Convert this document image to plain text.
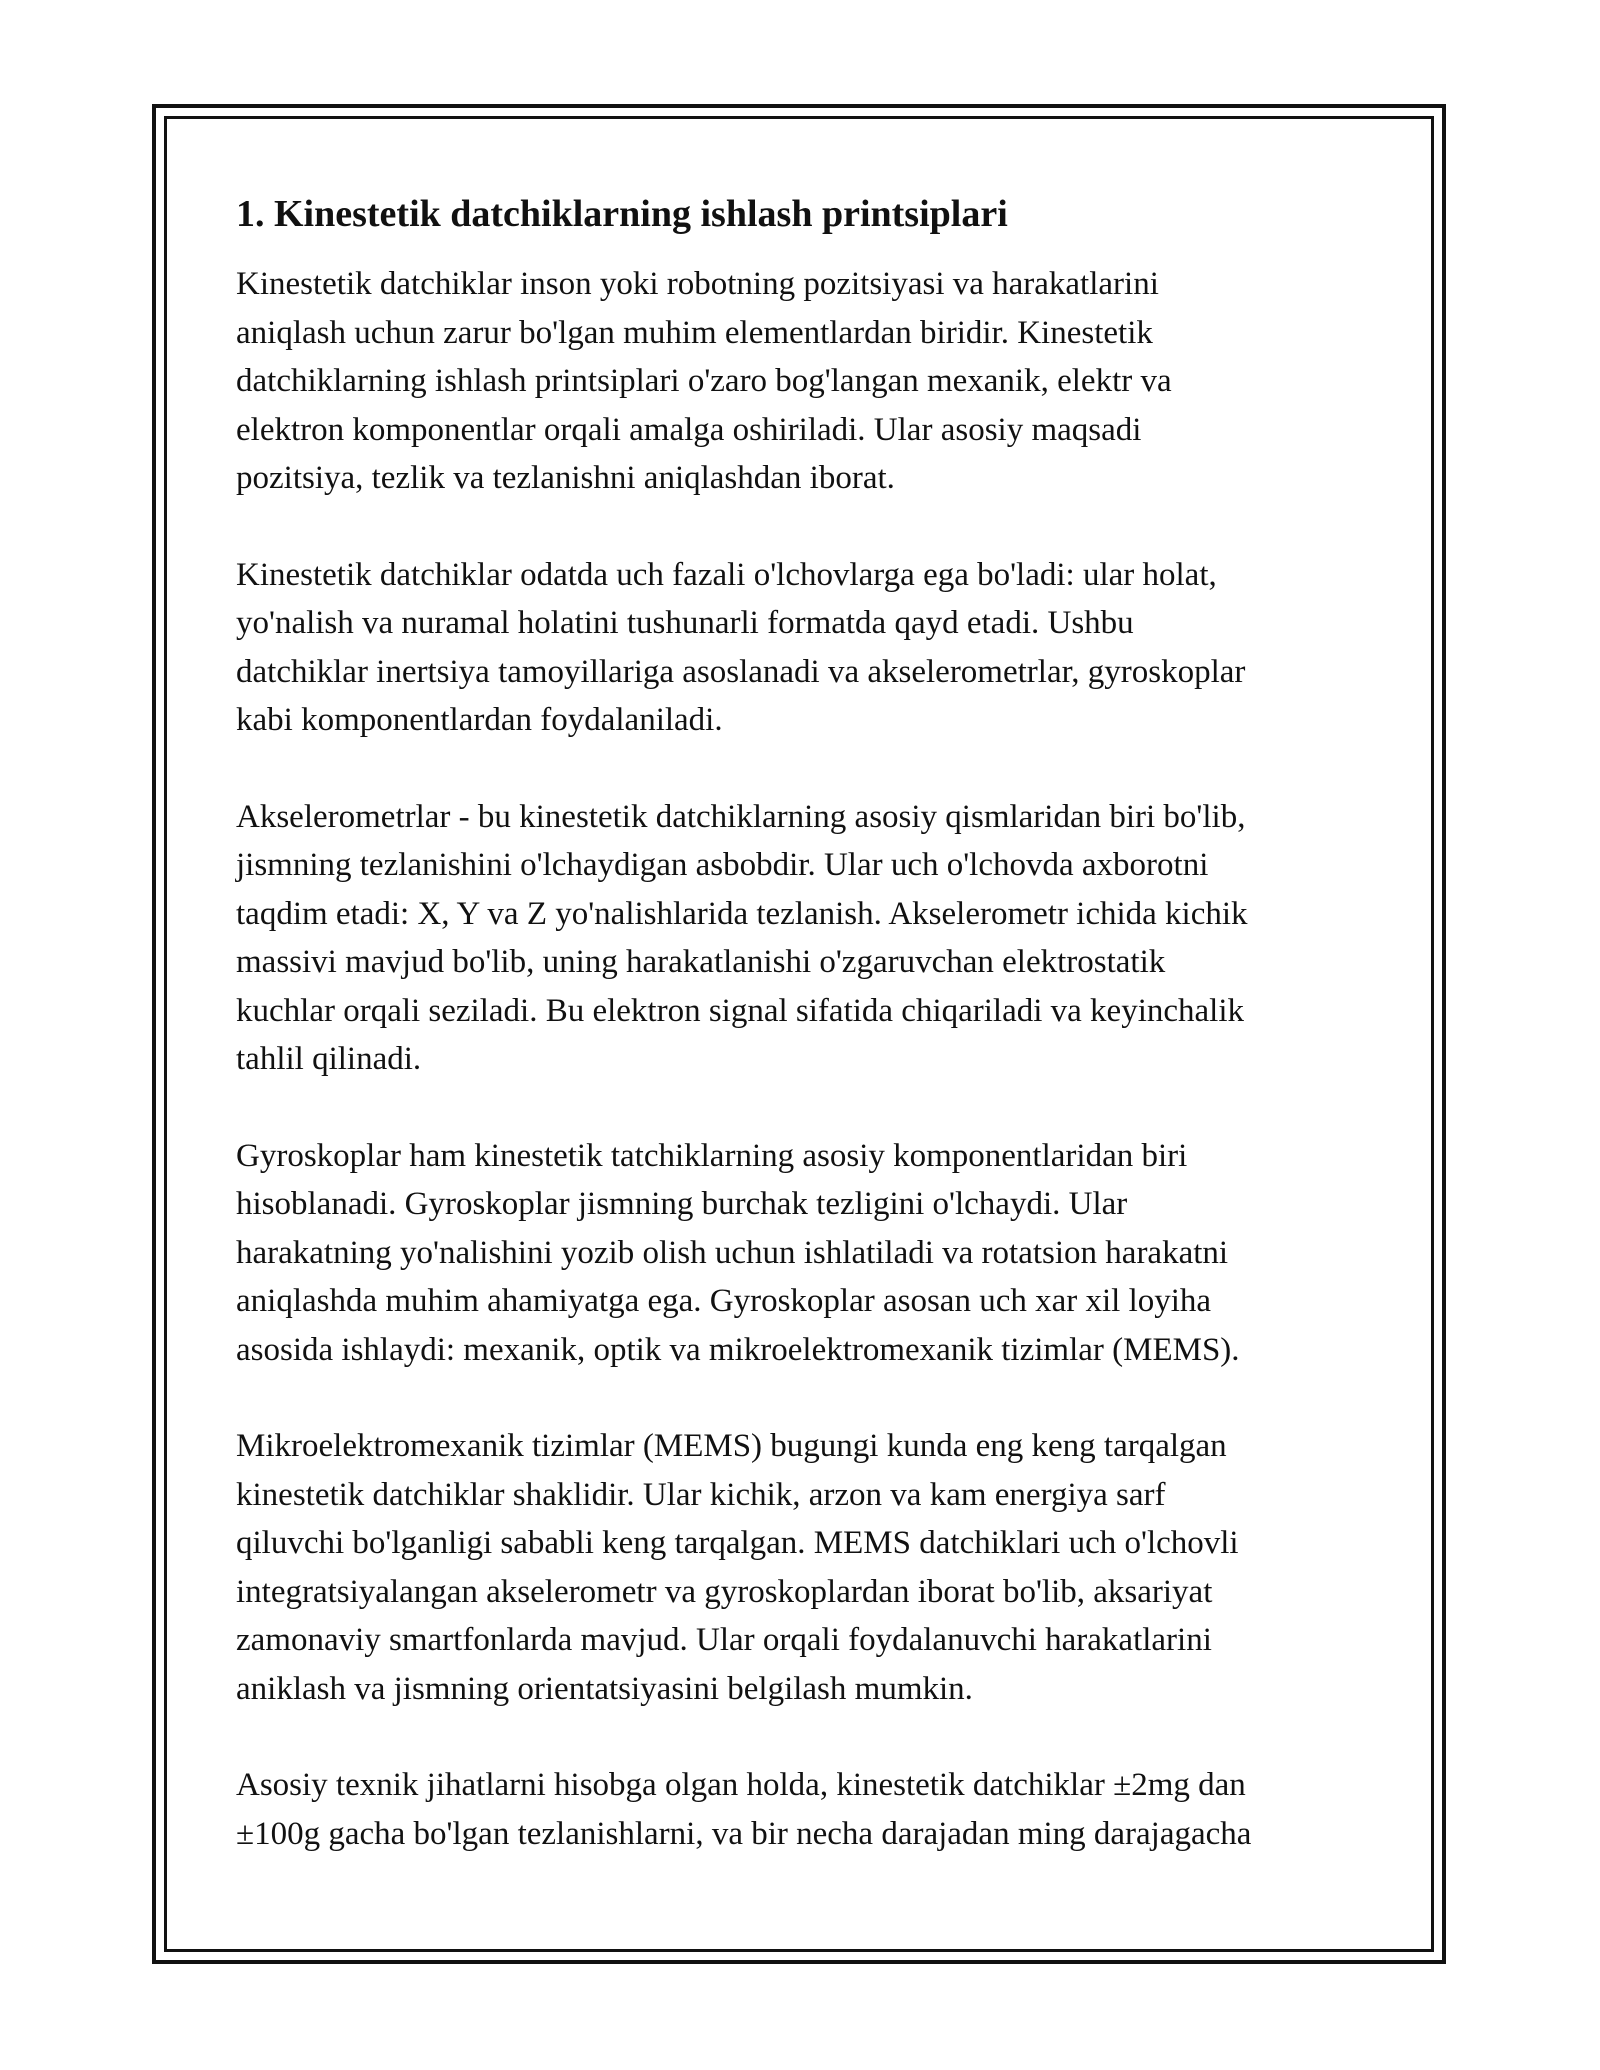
1. Kinestetik datchiklarning ishlash printsiplari

Kinestetik datchiklar inson yoki robotning pozitsiyasi va harakatlarini
aniqlash uchun zarur bo'lgan muhim elementlardan biridir. Kinestetik
datchiklarning ishlash printsiplari o'zaro bog'langan mexanik, elektr va
elektron komponentlar orqali amalga oshiriladi. Ular asosiy maqsadi
pozitsiya, tezlik va tezlanishni aniqlashdan iborat.

Kinestetik datchiklar odatda uch fazali o'lchovlarga ega bo'ladi: ular holat,
yo'nalish va nuramal holatini tushunarli formatda qayd etadi. Ushbu
datchiklar inertsiya tamoyillariga asoslanadi va akselerometrlar, gyroskoplar
kabi komponentlardan foydalaniladi.

Akselerometrlar - bu kinestetik datchiklarning asosiy qismlaridan biri bo'lib,
jismning tezlanishini o'lchaydigan asbobdir. Ular uch o'lchovda axborotni
taqdim etadi: X, Y va Z yo'nalishlarida tezlanish. Akselerometr ichida kichik
massivi mavjud bo'lib, uning harakatlanishi o'zgaruvchan elektrostatik
kuchlar orqali seziladi. Bu elektron signal sifatida chiqariladi va keyinchalik
tahlil qilinadi.

Gyroskoplar ham kinestetik tatchiklarning asosiy komponentlaridan biri
hisoblanadi. Gyroskoplar jismning burchak tezligini o'lchaydi. Ular
harakatning yo'nalishini yozib olish uchun ishlatiladi va rotatsion harakatni
aniqlashda muhim ahamiyatga ega. Gyroskoplar asosan uch xar xil loyiha
asosida ishlaydi: mexanik, optik va mikroelektromexanik tizimlar (MEMS).

Mikroelektromexanik tizimlar (MEMS) bugungi kunda eng keng tarqalgan
kinestetik datchiklar shaklidir. Ular kichik, arzon va kam energiya sarf
qiluvchi bo'lganligi sababli keng tarqalgan. MEMS datchiklari uch o'lchovli
integratsiyalangan akselerometr va gyroskoplardan iborat bo'lib, aksariyat
zamonaviy smartfonlarda mavjud. Ular orqali foydalanuvchi harakatlarini
aniklash va jismning orientatsiyasini belgilash mumkin.

Asosiy texnik jihatlarni hisobga olgan holda, kinestetik datchiklar ±2mg dan
±100g gacha bo'lgan tezlanishlarni, va bir necha darajadan ming darajagacha
